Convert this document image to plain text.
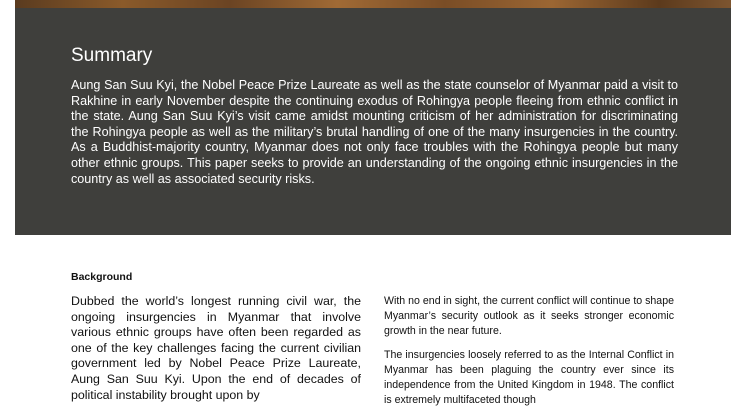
Summary

Aung San Suu Kyi, the Nobel Peace Prize Laureate as well as the state counselor of Myanmar paid a visit to Rakhine in early November despite the continuing exodus of Rohingya people fleeing from ethnic conflict in the state. Aung San Suu Kyi’s visit came amidst mounting criticism of her administration for discriminating the Rohingya people as well as the military’s brutal handling of one of the many insurgencies in the country. As a Buddhist-majority country, Myanmar does not only face troubles with the Rohingya people but many other ethnic groups. This paper seeks to provide an understanding of the ongoing ethnic insurgencies in the country as well as associated security risks.

Background

Dubbed the world’s longest running civil war, the ongoing insurgencies in Myanmar that involve various ethnic groups have often been regarded as one of the key challenges facing the current civilian government led by Nobel Peace Prize Laureate, Aung San Suu Kyi. Upon the end of decades of political instability brought upon by

With no end in sight, the current conflict will continue to shape Myanmar’s security outlook as it seeks stronger economic growth in the near future.

The insurgencies loosely referred to as the Internal Conflict in Myanmar has been plaguing the country ever since its independence from the United Kingdom in 1948. The conflict is extremely multifaceted though
